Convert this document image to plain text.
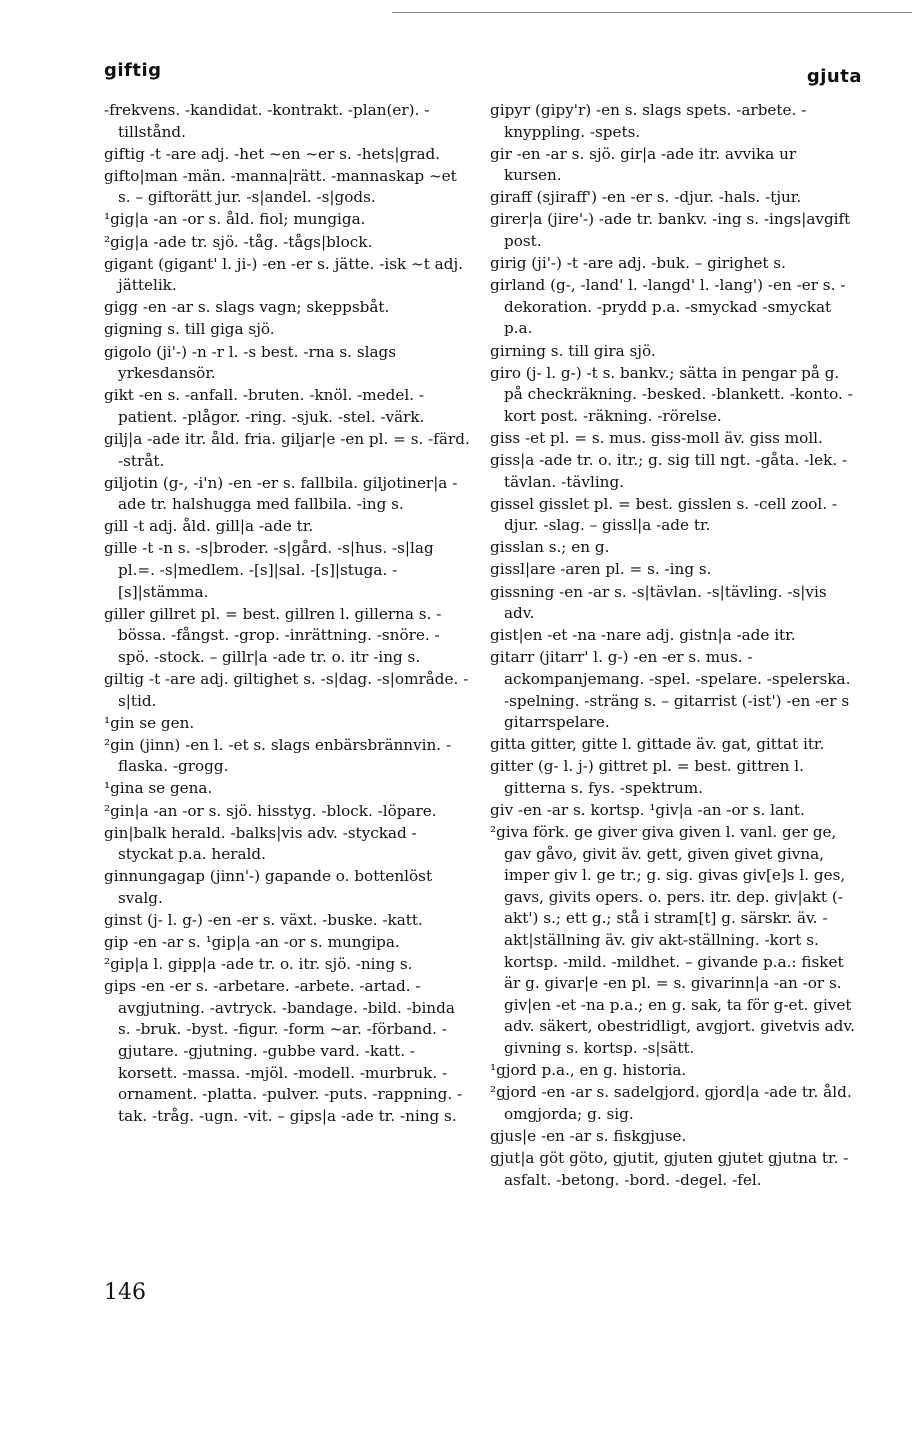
giftig	gjuta

-frekvens. -kandidat. -kontrakt. -plan(er). -tillstånd.

giftig -t -are adj. -het ~en ~er s. -hets|grad.

gifto|man -män. -manna|rätt. -mannaskap ~et s. – giftorätt jur. -s|andel. -s|gods.

¹gig|a -an -or s. åld. fiol; mungiga.

²gig|a -ade tr. sjö. -tåg. -tågs|block.

gigant (gigant' l. ji-) -en -er s. jätte. -isk ~t adj. jättelik.

gigg -en -ar s. slags vagn; skeppsbåt.

gigning s. till giga sjö.

gigolo (ji'-) -n -r l. -s best. -rna s. slags yrkesdansör.

gikt -en s. -anfall. -bruten. -knöl. -medel. -patient. -plågor. -ring. -sjuk. -stel. -värk.

gilj|a -ade itr. åld. fria. giljar|e -en pl. = s. -färd. -stråt.

giljotin (g-, -i'n) -en -er s. fallbila. giljotiner|a -ade tr. halshugga med fallbila. -ing s.

gill -t adj. åld. gill|a -ade tr.

gille -t -n s. -s|broder. -s|gård. -s|hus. -s|lag pl.=. -s|medlem. -[s]|sal. -[s]|stuga. -[s]|stämma.

giller gillret pl. = best. gillren l. gillerna s. -bössa. -fångst. -grop. -inrättning. -snöre. -spö. -stock. – gillr|a -ade tr. o. itr -ing s.

giltig -t -are adj. giltighet s. -s|dag. -s|område. -s|tid.

¹gin se gen.

²gin (jinn) -en l. -et s. slags enbärsbrännvin. -flaska. -grogg.

¹gina se gena.

²gin|a -an -or s. sjö. hisstyg. -block. -löpare.

gin|balk herald. -balks|vis adv. -styckad -styckat p.a. herald.

ginnungagap (jinn'-) gapande o. bottenlöst svalg.

ginst (j- l. g-) -en -er s. växt. -buske. -katt.

gip -en -ar s. ¹gip|a -an -or s. mungipa.

²gip|a l. gipp|a -ade tr. o. itr. sjö. -ning s.

gips -en -er s. -arbetare. -arbete. -artad. -avgjutning. -avtryck. -bandage. -bild. -binda s. -bruk. -byst. -figur. -form ~ar. -förband. -gjutare. -gjutning. -gubbe vard. -katt. -korsett. -massa. -mjöl. -modell. -murbruk. -ornament. -platta. -pulver. -puts. -rappning. -tak. -tråg. -ugn. -vit. – gips|a -ade tr. -ning s.

gipyr (gipy'r) -en s. slags spets. -arbete. -knyppling. -spets.

gir -en -ar s. sjö. gir|a -ade itr. avvika ur kursen.

giraff (sjiraff') -en -er s. -djur. -hals. -tjur.

girer|a (jire'-) -ade tr. bankv. -ing s. -ings|avgift post.

girig (ji'-) -t -are adj. -buk. – girighet s.

girland (g-, -land' l. -langd' l. -lang') -en -er s. -dekoration. -prydd p.a. -smyckad -smyckat p.a.

girning s. till gira sjö.

giro (j- l. g-) -t s. bankv.; sätta in pengar på g. på checkräkning. -besked. -blankett. -konto. -kort post. -räkning. -rörelse.

giss -et pl. = s. mus. giss-moll äv. giss moll.

giss|a -ade tr. o. itr.; g. sig till ngt. -gåta. -lek. -tävlan. -tävling.

gissel gisslet pl. = best. gisslen s. -cell zool. -djur. -slag. – gissl|a -ade tr.

gisslan s.; en g.

gissl|are -aren pl. = s. -ing s.

gissning -en -ar s. -s|tävlan. -s|tävling. -s|vis adv.

gist|en -et -na -nare adj. gistn|a -ade itr.

gitarr (jitarr' l. g-) -en -er s. mus. -ackompanjemang. -spel. -spelare. -spelerska. -spelning. -sträng s. – gitarrist (-ist') -en -er s gitarrspelare.

gitta gitter, gitte l. gittade äv. gat, gittat itr.

gitter (g- l. j-) gittret pl. = best. gittren l. gitterna s. fys. -spektrum.

giv -en -ar s. kortsp. ¹giv|a -an -or s. lant.

²giva förk. ge giver giva given l. vanl. ger ge, gav gåvo, givit äv. gett, given givet givna, imper giv l. ge tr.; g. sig. givas giv[e]s l. ges, gavs, givits opers. o. pers. itr. dep. giv|akt (-akt') s.; ett g.; stå i stram[t] g. särskr. äv. -akt|ställning äv. giv akt-ställning. -kort s. kortsp. -mild. -mildhet. – givande p.a.: fisket är g. givar|e -en pl. = s. givarinn|a -an -or s. giv|en -et -na p.a.; en g. sak, ta för g-et. givet adv. säkert, obestridligt, avgjort. givetvis adv. givning s. kortsp. -s|sätt.

¹gjord p.a., en g. historia.

²gjord -en -ar s. sadelgjord. gjord|a -ade tr. åld. omgjorda; g. sig.

gjus|e -en -ar s. fiskgjuse.

gjut|a göt göto, gjutit, gjuten gjutet gjutna tr. -asfalt. -betong. -bord. -degel. -fel.

146
